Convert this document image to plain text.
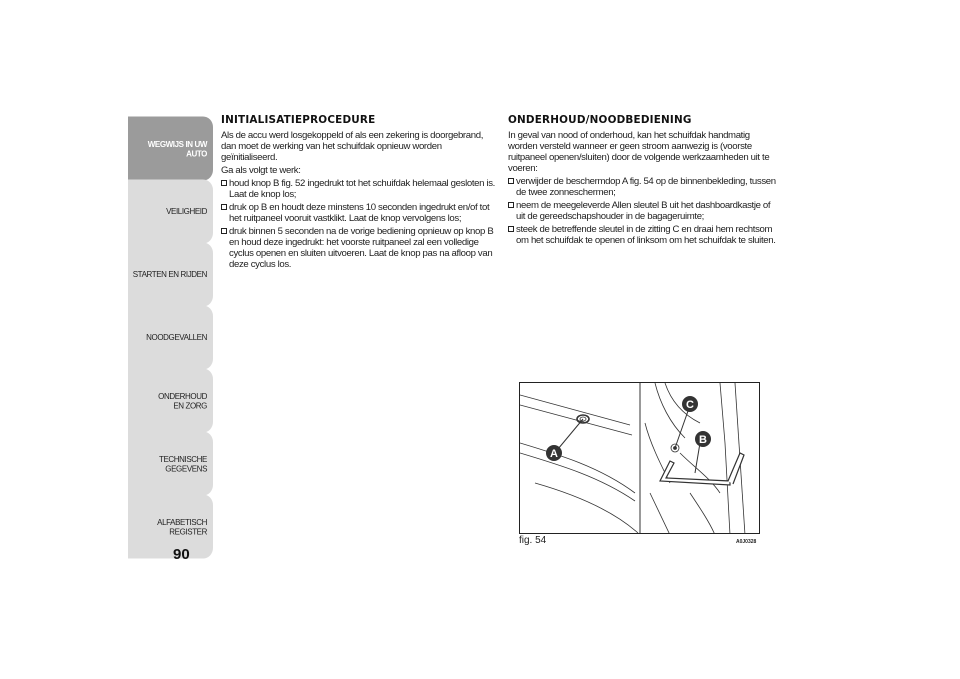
WEGWIJS IN UW AUTO
VEILIGHEID
STARTEN EN RIJDEN
NOODGEVALLEN
ONDERHOUD EN ZORG
TECHNISCHE GEGEVENS
ALFABETISCH REGISTER
90
INITIALISATIEPROCEDURE

Als de accu werd losgekoppeld of als een zekering is doorgebrand, dan moet de werking van het schuifdak opnieuw worden geïnitialiseerd.

Ga als volgt te werk:

houd knop B fig. 52 ingedrukt tot het schuifdak helemaal gesloten is. Laat de knop los;
druk op B en houdt deze minstens 10 seconden ingedrukt en/of tot het ruitpaneel vooruit vastklikt. Laat de knop vervolgens los;
druk binnen 5 seconden na de vorige bediening opnieuw op knop B en houd deze ingedrukt: het voorste ruitpaneel zal een volledige cyclus openen en sluiten uitvoeren. Laat de knop pas na afloop van deze cyclus los.
ONDERHOUD/NOODBEDIENING

In geval van nood of onderhoud, kan het schuifdak handmatig worden versteld wanneer er geen stroom aanwezig is (voorste ruitpaneel openen/sluiten) door de volgende werkzaamheden uit te voeren:

verwijder de beschermdop A fig. 54 op de binnenbekleding, tussen de twee zonneschermen;
neem de meegeleverde Allen sleutel B uit het dashboardkastje of uit de gereedschapshouder in de bagageruimte;
steek de betreffende sleutel in de zitting C en draai hem rechtsom om het schuifdak te openen of linksom om het schuifdak te sluiten.
A
B
C
fig. 54	A0J0328
